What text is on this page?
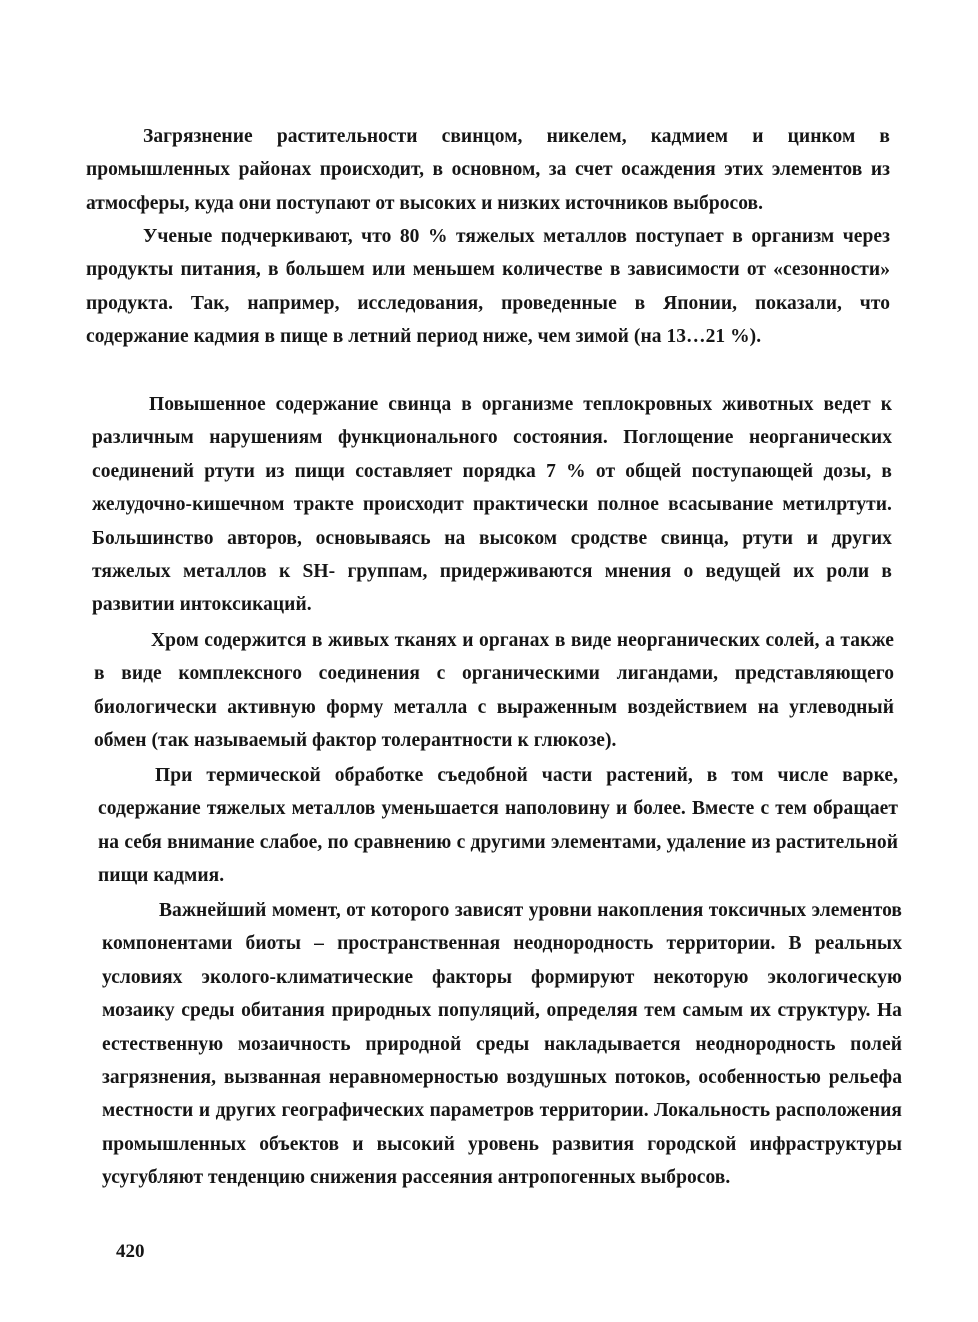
Загрязнение растительности свинцом, никелем, кадмием и цинком в промышленных районах происходит, в основном, за счет осаждения этих элементов из атмосферы, куда они поступают от высоких и низких источников выбросов.

Ученые подчеркивают, что 80 % тяжелых металлов поступает в организм через продукты питания, в большем или меньшем количестве в зависимости от «сезонности» продукта. Так, например, исследования, проведенные в Японии, показали, что содержание кадмия в пище в летний период ниже, чем зимой (на 13…21 %).

Повышенное содержание свинца в организме теплокровных животных ведет к различным нарушениям функционального состояния. Поглощение неорганических соединений ртути из пищи составляет порядка 7 % от общей поступающей дозы, в желудочно-кишечном тракте происходит практически полное всасывание метилртути. Большинство авторов, основываясь на высоком сродстве свинца, ртути и других тяжелых металлов к SH- группам, придерживаются мнения о ведущей их роли в развитии интоксикаций.

Хром содержится в живых тканях и органах в виде неорганических солей, а также в виде комплексного соединения с органическими лигандами, представляющего биологически активную форму металла с выраженным воздействием на углеводный обмен (так называемый фактор толерантности к глюкозе).

При термической обработке съедобной части растений, в том числе варке, содержание тяжелых металлов уменьшается наполовину и более. Вместе с тем обращает на себя внимание слабое, по сравнению с другими элементами, удаление из растительной пищи кадмия.

Важнейший момент, от которого зависят уровни накопления токсичных элементов компонентами биоты – пространственная неоднородность территории. В реальных условиях эколого-климатические факторы формируют некоторую экологическую мозаику среды обитания природных популяций, определяя тем самым их структуру. На естественную мозаичность природной среды накладывается неоднородность полей загрязнения, вызванная неравномерностью воздушных потоков, особенностью рельефа местности и других географических параметров территории. Локальность расположения промышленных объектов и высокий уровень развития городской инфраструктуры усугубляют тенденцию снижения рассеяния антропогенных выбросов.

420
